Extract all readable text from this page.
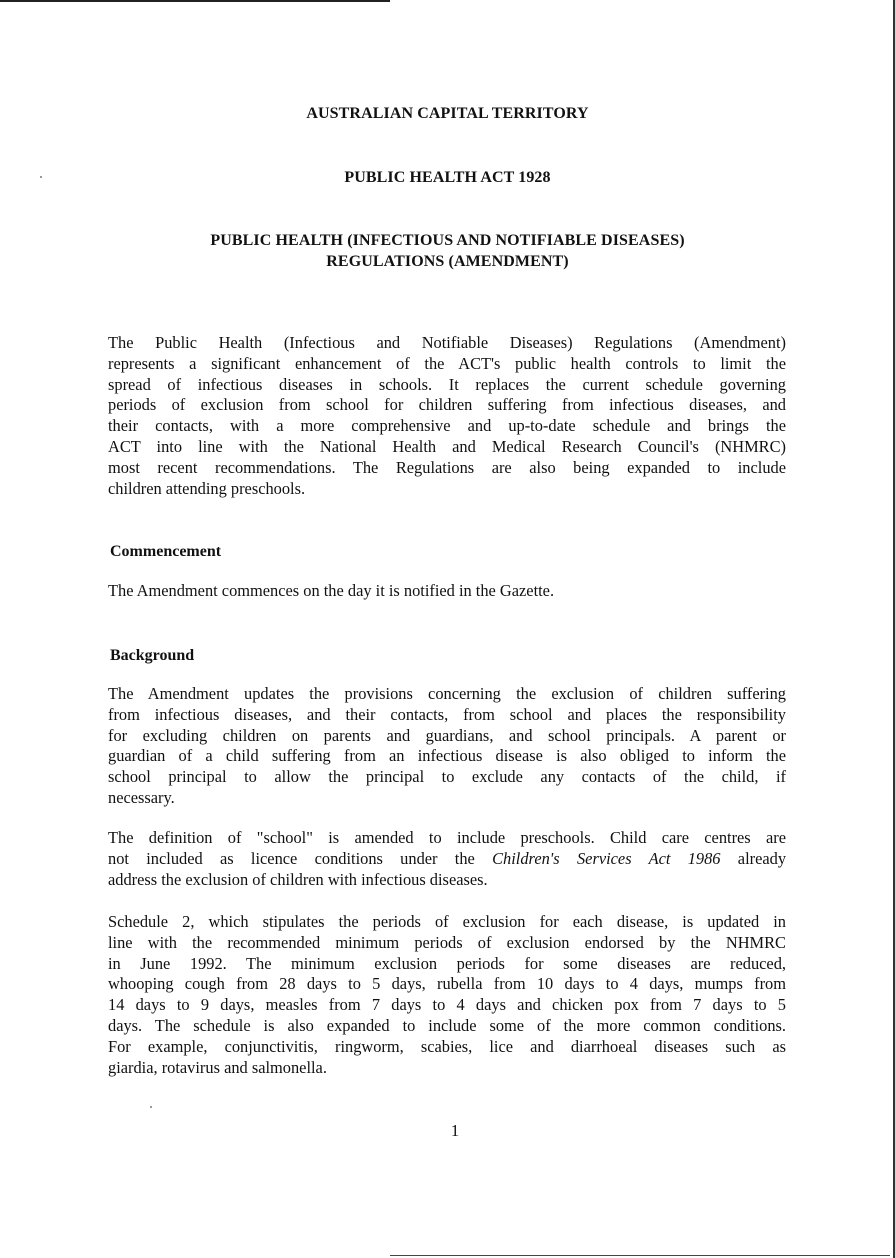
AUSTRALIAN CAPITAL TERRITORY
PUBLIC HEALTH ACT 1928
PUBLIC HEALTH (INFECTIOUS AND NOTIFIABLE DISEASES)
REGULATIONS (AMENDMENT)
The Public Health (Infectious and Notifiable Diseases) Regulations (Amendment)
represents a significant enhancement of the ACT's public health controls to limit the
spread of infectious diseases in schools. It replaces the current schedule governing
periods of exclusion from school for children suffering from infectious diseases, and
their contacts, with a more comprehensive and up-to-date schedule and brings the
ACT into line with the National Health and Medical Research Council's (NHMRC)
most recent recommendations. The Regulations are also being expanded to include
children attending preschools.
Commencement
The Amendment commences on the day it is notified in the Gazette.
Background
The Amendment updates the provisions concerning the exclusion of children suffering
from infectious diseases, and their contacts, from school and places the responsibility
for excluding children on parents and guardians, and school principals. A parent or
guardian of a child suffering from an infectious disease is also obliged to inform the
school principal to allow the principal to exclude any contacts of the child, if
necessary.
The definition of "school" is amended to include preschools. Child care centres are
not included as licence conditions under the Children's Services Act 1986 already
address the exclusion of children with infectious diseases.
Schedule 2, which stipulates the periods of exclusion for each disease, is updated in
line with the recommended minimum periods of exclusion endorsed by the NHMRC
in June 1992. The minimum exclusion periods for some diseases are reduced,
whooping cough from 28 days to 5 days, rubella from 10 days to 4 days, mumps from
14 days to 9 days, measles from 7 days to 4 days and chicken pox from 7 days to 5
days. The schedule is also expanded to include some of the more common conditions.
For example, conjunctivitis, ringworm, scabies, lice and diarrhoeal diseases such as
giardia, rotavirus and salmonella.
1
